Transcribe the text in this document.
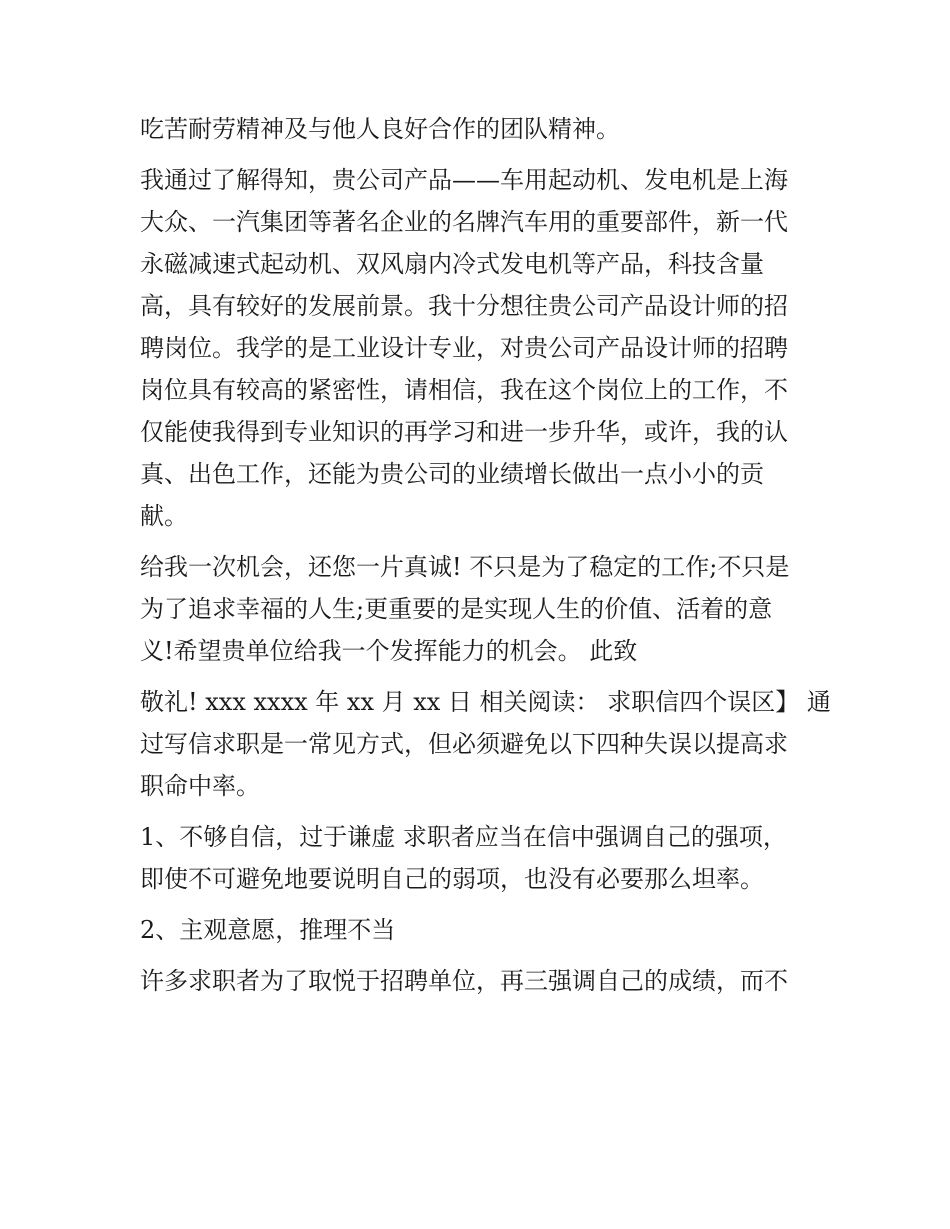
吃苦耐劳精神及与他人良好合作的团队精神。
我通过了解得知，贵公司产品——车用起动机、发电机是上海
大众、一汽集团等著名企业的名牌汽车用的重要部件，新一代
永磁减速式起动机、双风扇内冷式发电机等产品，科技含量
高，具有较好的发展前景。我十分想往贵公司产品设计师的招
聘岗位。我学的是工业设计专业，对贵公司产品设计师的招聘
岗位具有较高的紧密性，请相信，我在这个岗位上的工作，不
仅能使我得到专业知识的再学习和进一步升华，或许，我的认
真、出色工作，还能为贵公司的业绩增长做出一点小小的贡
献。
给我一次机会，还您一片真诚! 不只是为了稳定的工作;不只是
为了追求幸福的人生;更重要的是实现人生的价值、活着的意
义!希望贵单位给我一个发挥能力的机会。 此致
敬礼! xxx xxxx 年 xx 月 xx 日 相关阅读： 求职信四个误区】 通
过写信求职是一常见方式，但必须避免以下四种失误以提高求
职命中率。
1、不够自信，过于谦虚 求职者应当在信中强调自己的强项，
即使不可避免地要说明自己的弱项，也没有必要那么坦率。
2、主观意愿，推理不当
许多求职者为了取悦于招聘单位，再三强调自己的成绩，而不
